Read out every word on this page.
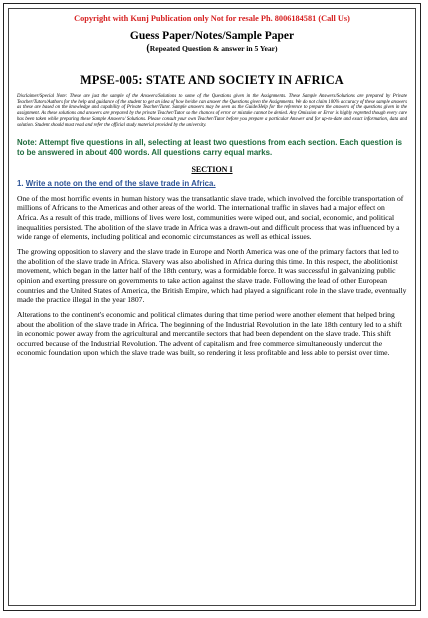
Copyright with Kunj Publication only Not for resale Ph. 8006184581 (Call Us)

Guess Paper/Notes/Sample Paper

(Repeated Question & answer in 5 Year)

MPSE-005: STATE AND SOCIETY IN AFRICA

Disclaimer/Special Note: These are just the sample of the Answers/Solutions to some of the Questions given in the Assignments. These Sample Answers/Solutions are prepared by Private Teacher/Tutors/Authors for the help and guidance of the student to get an idea of how he/she can answer the Questions given the Assignments. We do not claim 100% accuracy of these sample answers as these are based on the knowledge and capability of Private Teacher/Tutor. Sample answers may be seen as the Guide/Help for the reference to prepare the answers of the questions given in the assignment. As these solutions and answers are prepared by the private Teacher/Tutor so the chances of error or mistake cannot be denied. Any Omission or Error is highly regretted though every care has been taken while preparing these Sample Answers/ Solutions. Please consult your own Teacher/Tutor before you prepare a particular Answer and for up-to-date and exact information, data and solution. Student should must read and refer the official study material provided by the university.

Note: Attempt five questions in all, selecting at least two questions from each section. Each question is to be answered in about 400 words. All questions carry equal marks.

SECTION I

1. Write a note on the end of the slave trade in Africa.

One of the most horrific events in human history was the transatlantic slave trade, which involved the forcible transportation of millions of Africans to the Americas and other areas of the world. The international traffic in slaves had a major effect on Africa. As a result of this trade, millions of lives were lost, communities were wiped out, and social, economic, and political inequalities persisted. The abolition of the slave trade in Africa was a drawn-out and difficult process that was influenced by a wide range of elements, including political and economic circumstances as well as ethical issues.

The growing opposition to slavery and the slave trade in Europe and North America was one of the primary factors that led to the abolition of the slave trade in Africa. Slavery was also abolished in Africa during this time. In this respect, the abolitionist movement, which began in the latter half of the 18th century, was a formidable force. It was successful in galvanizing public opinion and exerting pressure on governments to take action against the slave trade. Following the lead of other European countries and the United States of America, the British Empire, which had played a significant role in the slave trade, eventually made the practice illegal in the year 1807.

Alterations to the continent's economic and political climates during that time period were another element that helped bring about the abolition of the slave trade in Africa. The beginning of the Industrial Revolution in the late 18th century led to a shift in economic power away from the agricultural and mercantile sectors that had been dependent on the slave trade. This shift occurred because of the Industrial Revolution. The advent of capitalism and free commerce simultaneously undercut the economic foundation upon which the slave trade was built, so rendering it less profitable and less able to persist over time.
